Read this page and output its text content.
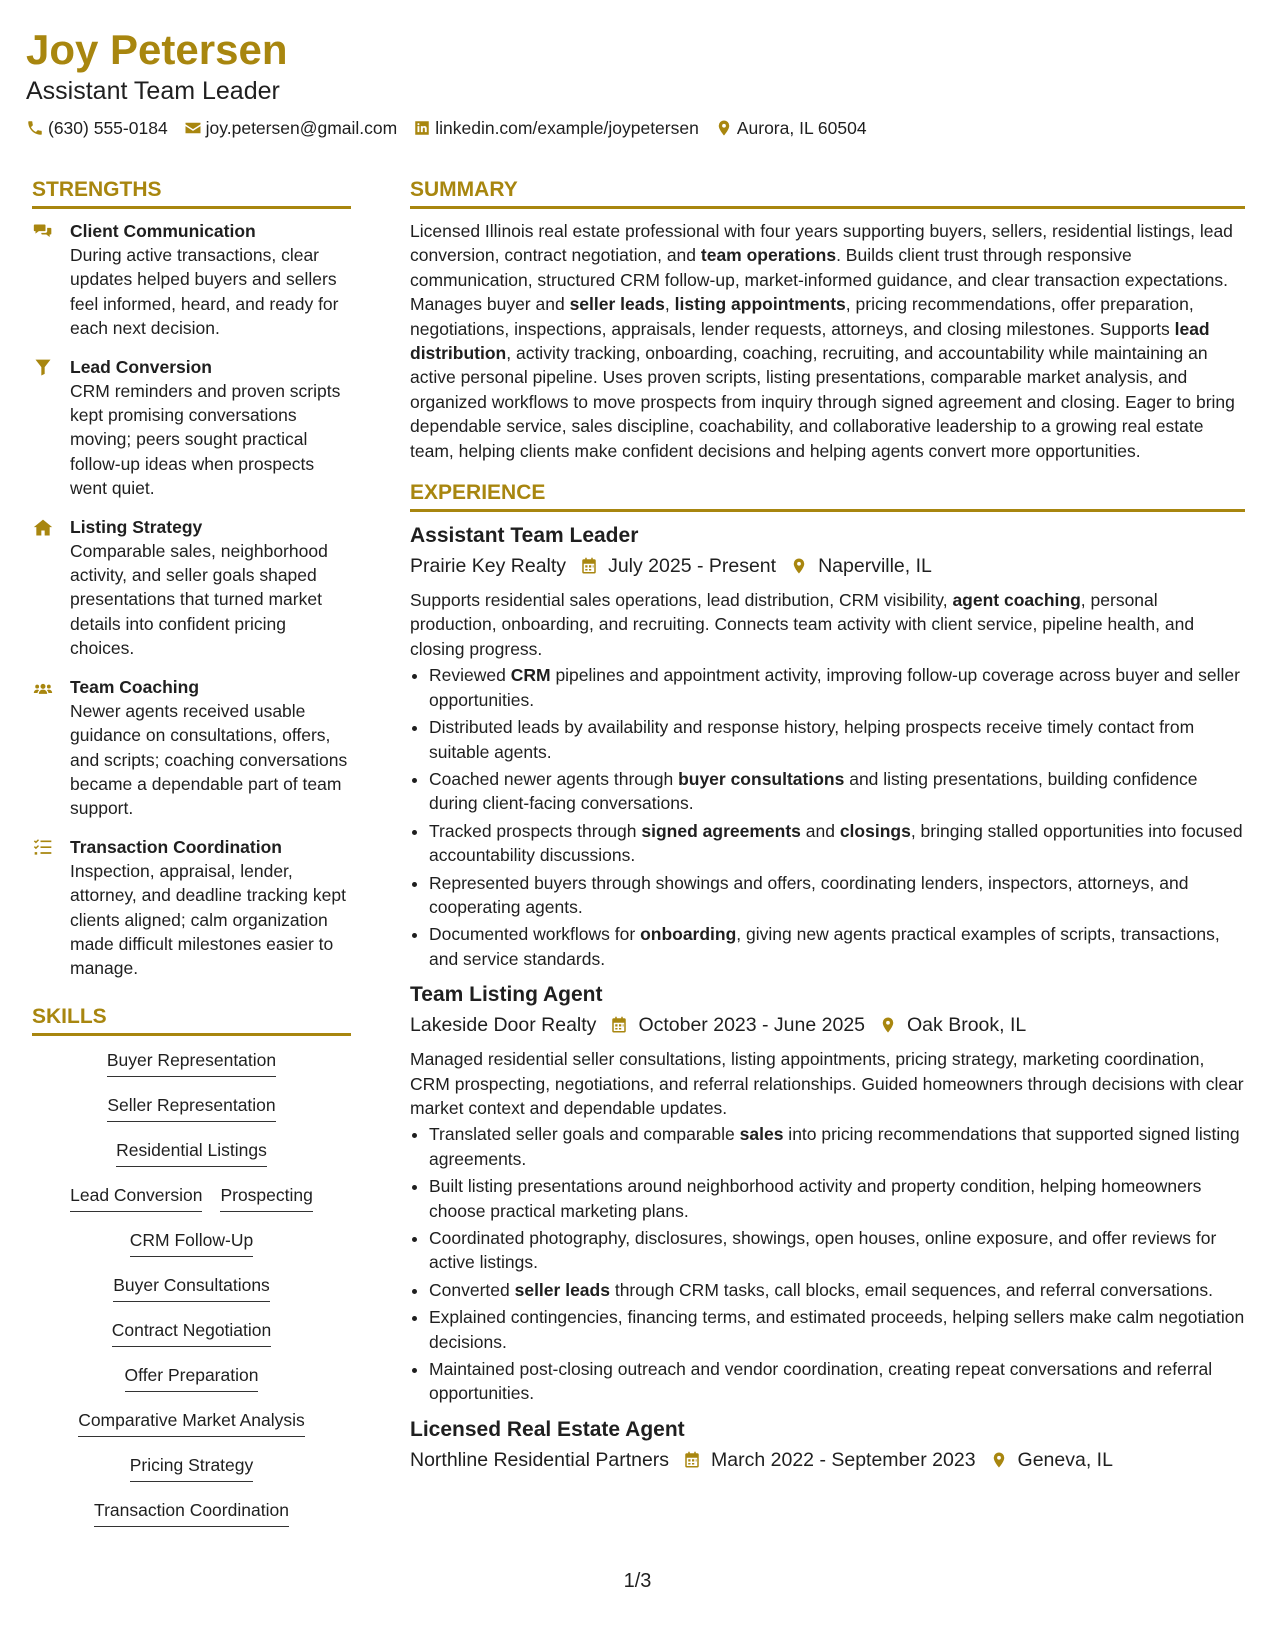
Joy Petersen
Assistant Team Leader
(630) 555-0184 joy.petersen@gmail.com linkedin.com/example/joypetersen Aurora, IL 60504
STRENGTHS
Client Communication
During active transactions, clear updates helped buyers and sellers feel informed, heard, and ready for each next decision.
Lead Conversion
CRM reminders and proven scripts kept promising conversations moving; peers sought practical follow-up ideas when prospects went quiet.
Listing Strategy
Comparable sales, neighborhood activity, and seller goals shaped presentations that turned market details into confident pricing choices.
Team Coaching
Newer agents received usable guidance on consultations, offers, and scripts; coaching conversations became a dependable part of team support.
Transaction Coordination
Inspection, appraisal, lender, attorney, and deadline tracking kept clients aligned; calm organization made difficult milestones easier to manage.
SKILLS
Buyer Representation
Seller Representation
Residential Listings
Lead Conversion Prospecting
CRM Follow-Up
Buyer Consultations
Contract Negotiation
Offer Preparation
Comparative Market Analysis
Pricing Strategy
Transaction Coordination
SUMMARY
Licensed Illinois real estate professional with four years supporting buyers, sellers, residential listings, lead conversion, contract negotiation, and team operations. Builds client trust through responsive communication, structured CRM follow-up, market-informed guidance, and clear transaction expectations. Manages buyer and seller leads, listing appointments, pricing recommendations, offer preparation, negotiations, inspections, appraisals, lender requests, attorneys, and closing milestones. Supports lead distribution, activity tracking, onboarding, coaching, recruiting, and accountability while maintaining an active personal pipeline. Uses proven scripts, listing presentations, comparable market analysis, and organized workflows to move prospects from inquiry through signed agreement and closing. Eager to bring dependable service, sales discipline, coachability, and collaborative leadership to a growing real estate team, helping clients make confident decisions and helping agents convert more opportunities.
EXPERIENCE
Assistant Team Leader
Prairie Key Realty July 2025 - Present Naperville, IL
Supports residential sales operations, lead distribution, CRM visibility, agent coaching, personal production, onboarding, and recruiting. Connects team activity with client service, pipeline health, and closing progress.
• Reviewed CRM pipelines and appointment activity, improving follow-up coverage across buyer and seller opportunities.
• Distributed leads by availability and response history, helping prospects receive timely contact from suitable agents.
• Coached newer agents through buyer consultations and listing presentations, building confidence during client-facing conversations.
• Tracked prospects through signed agreements and closings, bringing stalled opportunities into focused accountability discussions.
• Represented buyers through showings and offers, coordinating lenders, inspectors, attorneys, and cooperating agents.
• Documented workflows for onboarding, giving new agents practical examples of scripts, transactions, and service standards.
Team Listing Agent
Lakeside Door Realty October 2023 - June 2025 Oak Brook, IL
Managed residential seller consultations, listing appointments, pricing strategy, marketing coordination, CRM prospecting, negotiations, and referral relationships. Guided homeowners through decisions with clear market context and dependable updates.
• Translated seller goals and comparable sales into pricing recommendations that supported signed listing agreements.
• Built listing presentations around neighborhood activity and property condition, helping homeowners choose practical marketing plans.
• Coordinated photography, disclosures, showings, open houses, online exposure, and offer reviews for active listings.
• Converted seller leads through CRM tasks, call blocks, email sequences, and referral conversations.
• Explained contingencies, financing terms, and estimated proceeds, helping sellers make calm negotiation decisions.
• Maintained post-closing outreach and vendor coordination, creating repeat conversations and referral opportunities.
Licensed Real Estate Agent
Northline Residential Partners March 2022 - September 2023 Geneva, IL
1/3
